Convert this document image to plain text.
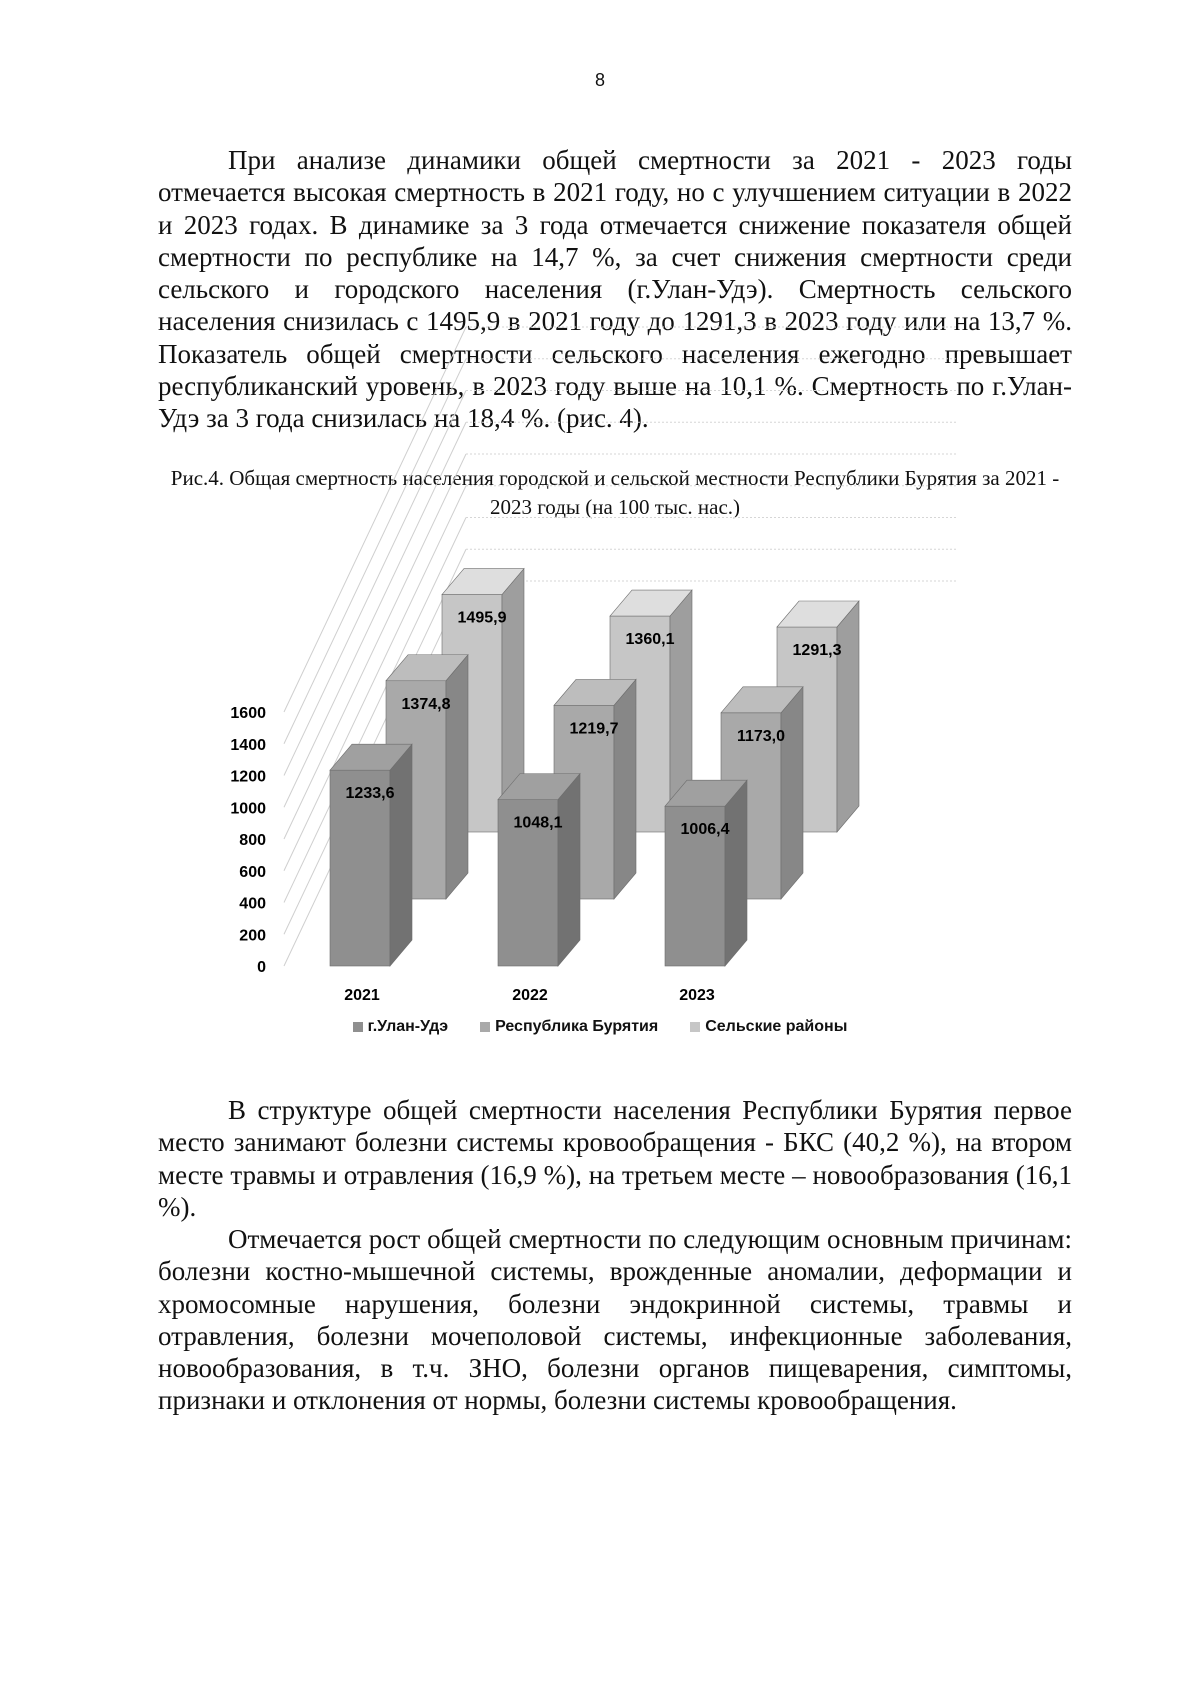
8

При анализе динамики общей смертности за 2021 - 2023 годы отмечается высокая смертность в 2021 году, но с улучшением ситуации в 2022 и 2023 годах. В динамике за 3 года отмечается снижение показателя общей смертности по республике на 14,7 %, за счет снижения смертности среди сельского и городского населения (г.Улан-Удэ). Смертность сельского населения снизилась с 1495,9 в 2021 году до 1291,3 в 2023 году или на 13,7 %. Показатель общей смертности сельского населения ежегодно превышает республиканский уровень, в 2023 году выше на 10,1 %. Смертность по г.Улан-Удэ за 3 года снизилась на 18,4 %. (рис. 4).

Рис.4. Общая смертность населения городской и сельской местности Республики Бурятия за 2021 - 2023 годы (на 100 тыс. нас.)

0
200
400
600
800
1000
1200
1400
1600
1495,9
1360,1
1291,3
1374,8
1219,7	1173,0
1233,6
1048,1	1006,4
2021	2022	2023
г.Улан-Удэ	Республика Бурятия	Сельские районы

В структуре общей смертности населения Республики Бурятия первое место занимают болезни системы кровообращения - БКС (40,2 %), на втором месте травмы и отравления (16,9 %), на третьем месте – новообразования (16,1 %).

Отмечается рост общей смертности по следующим основным причинам: болезни костно-мышечной системы, врожденные аномалии, деформации и хромосомные нарушения, болезни эндокринной системы, травмы и отравления, болезни мочеполовой системы, инфекционные заболевания, новообразования, в т.ч. ЗНО, болезни органов пищеварения, симптомы, признаки и отклонения от нормы, болезни системы кровообращения.
